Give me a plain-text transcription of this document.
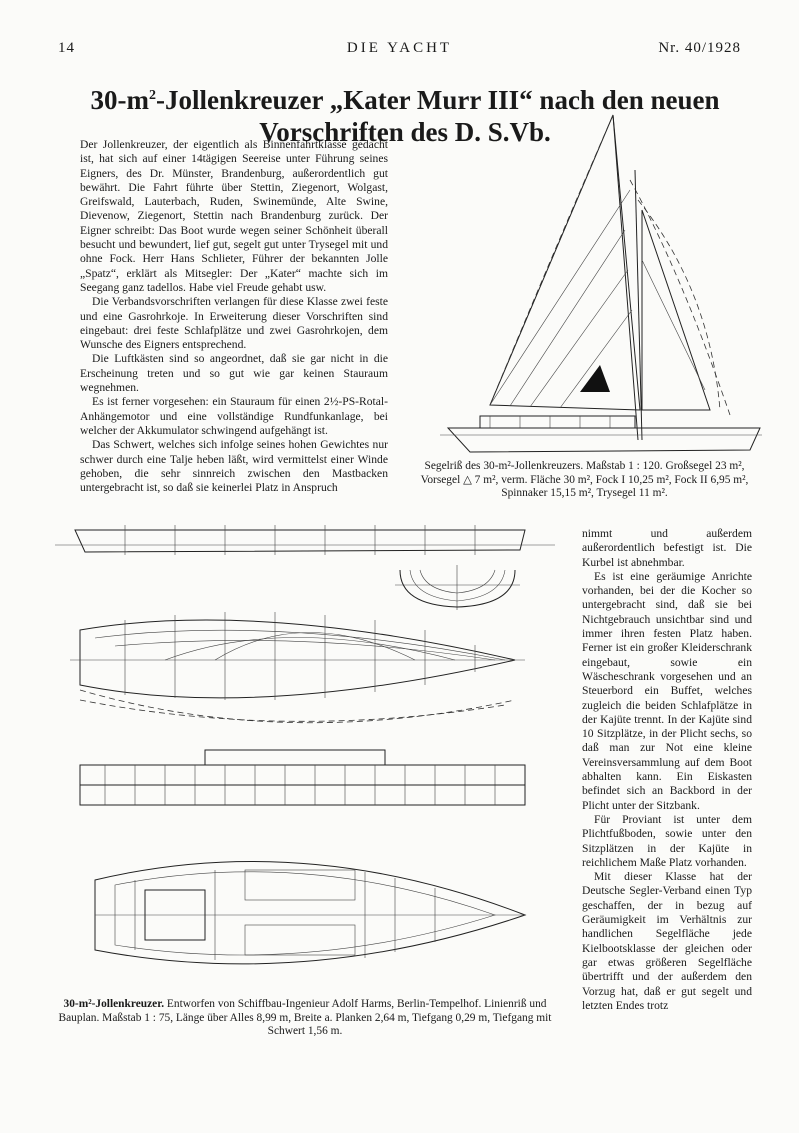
14	DIE YACHT	Nr. 40/1928
$30-m^2$-Jollenkreuzer „Kater Murr III“ nach den neuen
Vorschriften des D. S.Vb.

Der Jollenkreuzer, der eigentlich als Binnenfahrtklasse gedacht ist, hat sich auf einer 14tägigen Seereise unter Führung seines Eigners, des Dr. Münster, Brandenburg, außerordentlich gut bewährt. Die Fahrt führte über Stettin, Ziegenort, Wolgast, Greifswald, Lauterbach, Ruden, Swinemünde, Alte Swine, Dievenow, Ziegenort, Stettin nach Brandenburg zurück. Der Eigner schreibt: Das Boot wurde wegen seiner Schönheit überall besucht und bewundert, lief gut, segelt gut unter Trysegel mit und ohne Fock. Herr Hans Schlieter, Führer der bekannten Jolle „Spatz“, erklärt als Mitsegler: Der „Kater“ machte sich im Seegang ganz tadellos. Habe viel Freude gehabt usw.

Die Verbandsvorschriften verlangen für diese Klasse zwei feste und eine Gasrohrkoje. In Erweiterung dieser Vorschriften sind eingebaut: drei feste Schlafplätze und zwei Gasrohrkojen, dem Wunsche des Eigners entsprechend.

Die Luftkästen sind so angeordnet, daß sie gar nicht in die Erscheinung treten und so gut wie gar keinen Stauraum wegnehmen.

Es ist ferner vorgesehen: ein Stauraum für einen 2½-PS-Rotal-Anhängemotor und eine vollständige Rundfunkanlage, bei welcher der Akkumulator schwingend aufgehängt ist.

Das Schwert, welches sich infolge seines hohen Gewichtes nur schwer durch eine Talje heben läßt, wird vermittelst einer Winde gehoben, die sehr sinnreich zwischen den Mastbacken untergebracht ist, so daß sie keinerlei Platz in Anspruch

nimmt und außerdem außerordentlich befestigt ist. Die Kurbel ist abnehmbar.

Es ist eine geräumige Anrichte vorhanden, bei der die Kocher so untergebracht sind, daß sie bei Nichtgebrauch unsichtbar sind und immer ihren festen Platz haben. Ferner ist ein großer Kleiderschrank eingebaut, sowie ein Wäscheschrank vorgesehen und an Steuerbord ein Buffet, welches zugleich die beiden Schlafplätze in der Kajüte trennt. In der Kajüte sind 10 Sitzplätze, in der Plicht sechs, so daß man zur Not eine kleine Vereinsversammlung auf dem Boot abhalten kann. Ein Eiskasten befindet sich an Backbord in der Plicht unter der Sitzbank.

Für Proviant ist unter dem Plichtfußboden, sowie unter den Sitzplätzen in der Kajüte in reichlichem Maße Platz vorhanden.

Mit dieser Klasse hat der Deutsche Segler-Verband einen Typ geschaffen, der in bezug auf Geräumigkeit im Verhältnis zur handlichen Segelfläche jede Kielbootsklasse der gleichen oder gar etwas größeren Segelfläche übertrifft und der außerdem den Vorzug hat, daß er gut segelt und letzten Endes trotz

Segelriß des 30-m²-Jollenkreuzers. Maßstab 1 : 120. Großsegel 23 m², Vorsegel △ 7 m², verm. Fläche 30 m², Fock I 10,25 m², Fock II 6,95 m², Spinnaker 15,15 m², Trysegel 11 m².
30-m²-Jollenkreuzer. Entworfen von Schiffbau-Ingenieur Adolf Harms, Berlin-Tempelhof. Linienriß und Bauplan. Maßstab 1 : 75, Länge über Alles 8,99 m, Breite a. Planken 2,64 m, Tiefgang 0,29 m, Tiefgang mit Schwert 1,56 m.
